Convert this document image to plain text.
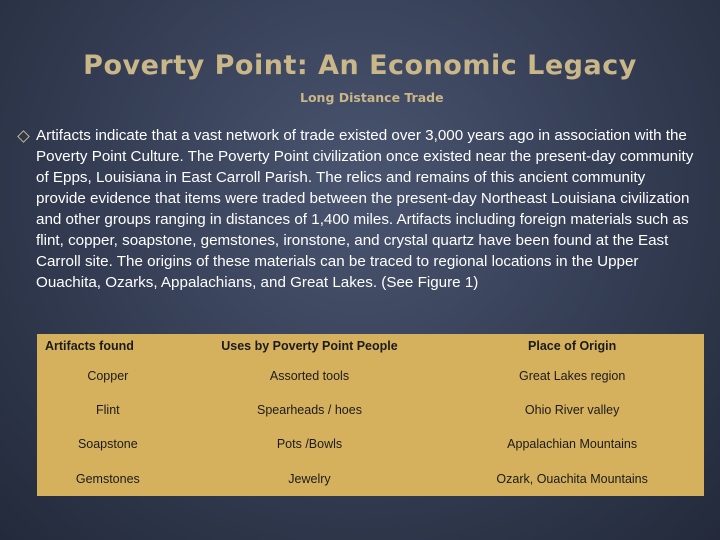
Poverty Point: An Economic Legacy
Long Distance Trade
Artifacts indicate that a vast network of trade existed over 3,000 years ago in association with the Poverty Point Culture. The Poverty Point civilization once existed near the present-day community of Epps, Louisiana in East Carroll Parish. The relics and remains of this ancient community provide evidence that items were traded between the present-day Northeast Louisiana civilization and other groups ranging in distances of 1,400 miles. Artifacts including foreign materials such as flint, copper, soapstone, gemstones, ironstone, and crystal quartz have been found at the East Carroll site. The origins of these materials can be traced to regional locations in the Upper Ouachita, Ozarks, Appalachians, and Great Lakes. (See Figure 1)
Artifacts found	Uses by Poverty Point People	Place of Origin
Copper	Assorted tools	Great Lakes region
Flint	Spearheads / hoes	Ohio River valley
Soapstone	Pots /Bowls	Appalachian Mountains
Gemstones	Jewelry	Ozark, Ouachita Mountains
